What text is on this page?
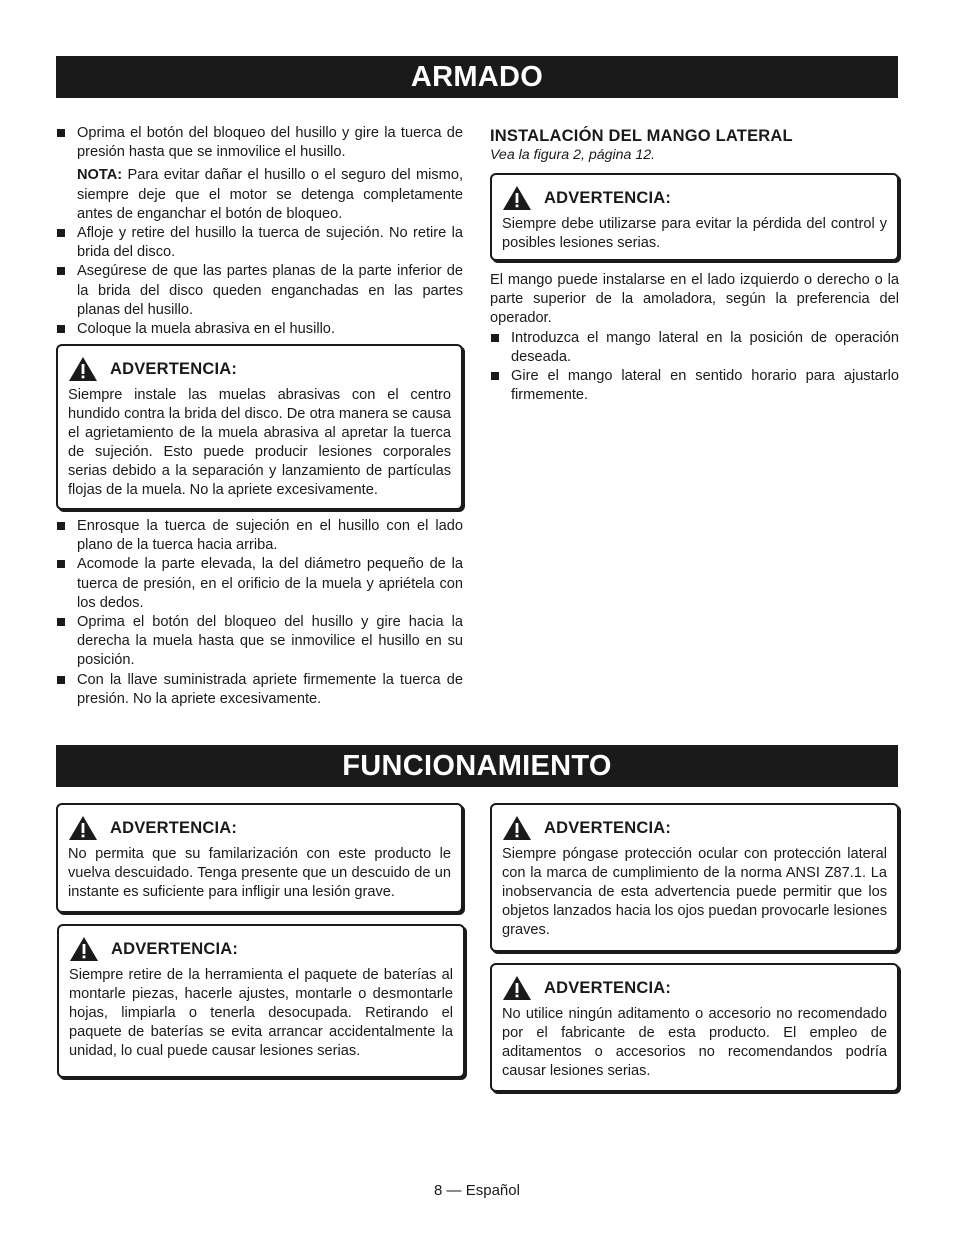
ARMADO
Oprima el botón del bloqueo del husillo y gire la tuerca de presión hasta que se inmovilice el husillo.
NOTA: Para evitar dañar el husillo o el seguro del mismo, siempre deje que el motor se detenga completamente antes de enganchar el botón de bloqueo.
Afloje y retire del husillo la tuerca de sujeción. No retire la brida del disco.
Asegúrese de que las partes planas de la parte inferior de la brida del disco queden enganchadas en las partes planas del husillo.
Coloque la muela abrasiva en el husillo.
ADVERTENCIA:
Siempre instale las muelas abrasivas con el centro hundido contra la brida del disco. De otra manera se causa el agrietamiento de la muela abrasiva al apretar la tuerca de sujeción. Esto puede producir lesiones corporales serias debido a la separación y lanzamiento de partículas flojas de la muela. No la apriete excesivamente.
Enrosque la tuerca de sujeción en el husillo con el lado plano de la tuerca hacia arriba.
Acomode la parte elevada, la del diámetro pequeño de la tuerca de presión, en el orificio de la muela y apriétela con los dedos.
Oprima el botón del bloqueo del husillo y gire hacia la derecha la muela hasta que se inmovilice el husillo en su posición.
Con la llave suministrada apriete firmemente la tuerca de presión. No la apriete excesivamente.
INSTALACIÓN DEL MANGO LATERAL
Vea la figura 2, página 12.
ADVERTENCIA:
Siempre debe utilizarse para evitar la pérdida del control y posibles lesiones serias.

El mango puede instalarse en el lado izquierdo o derecho o la parte superior de la amoladora, según la preferencia del operador.

Introduzca el mango lateral en la posición de operación deseada.
Gire el mango lateral en sentido horario para ajustarlo firmemente.
FUNCIONAMIENTO
ADVERTENCIA:
No permita que su familarización con este producto le vuelva descuidado. Tenga presente que un descuido de un instante es suficiente para infligir una lesión grave.
ADVERTENCIA:
Siempre retire de la herramienta el paquete de baterías al montarle piezas, hacerle ajustes, montarle o desmontarle hojas, limpiarla o tenerla desocupada. Retirando el paquete de baterías se evita arrancar accidentalmente la unidad, lo cual puede causar lesiones serias.
ADVERTENCIA:
Siempre póngase protección ocular con protección lateral con la marca de cumplimiento de la norma ANSI Z87.1. La inobservancia de esta advertencia puede permitir que los objetos lanzados hacia los ojos puedan provocarle lesiones graves.
ADVERTENCIA:
No utilice ningún aditamento o accesorio no recomendado por el fabricante de esta producto. El empleo de aditamentos o accesorios no recomendandos podría causar lesiones serias.
8 — Español
